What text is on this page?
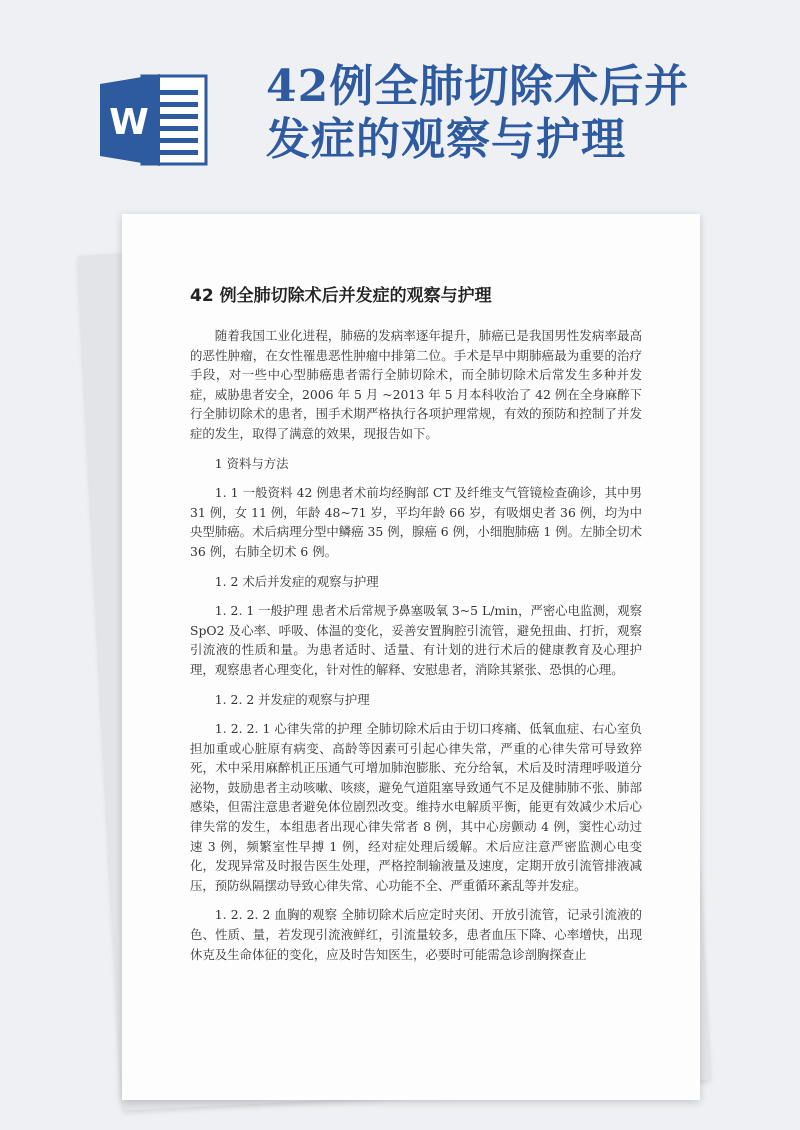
W
42例全肺切除术后并
发症的观察与护理
42 例全肺切除术后并发症的观察与护理

随着我国工业化进程，肺癌的发病率逐年提升，肺癌已是我国男性发病率最高的恶性肿瘤，在女性罹患恶性肿瘤中排第二位。手术是早中期肺癌最为重要的治疗手段，对一些中心型肺癌患者需行全肺切除术，而全肺切除术后常发生多种并发症，威胁患者安全，2006 年 5 月 ~2013 年 5 月本科收治了 42 例在全身麻醉下行全肺切除术的患者，围手术期严格执行各项护理常规，有效的预防和控制了并发症的发生，取得了满意的效果，现报告如下。

1 资料与方法

1. 1 一般资料 42 例患者术前均经胸部 CT 及纤维支气管镜检查确诊，其中男 31 例，女 11 例，年龄 48~71 岁，平均年龄 66 岁，有吸烟史者 36 例，均为中央型肺癌。术后病理分型中鳞癌 35 例，腺癌 6 例，小细胞肺癌 1 例。左肺全切术 36 例，右肺全切术 6 例。

1. 2 术后并发症的观察与护理

1. 2. 1 一般护理 患者术后常规予鼻塞吸氧 3~5 L/min，严密心电监测，观察 SpO2 及心率、呼吸、体温的变化，妥善安置胸腔引流管，避免扭曲、打折，观察引流液的性质和量。为患者适时、适量、有计划的进行术后的健康教育及心理护理，观察患者心理变化，针对性的解释、安慰患者，消除其紧张、恐惧的心理。

1. 2. 2 并发症的观察与护理

1. 2. 2. 1 心律失常的护理 全肺切除术后由于切口疼痛、低氧血症、右心室负担加重或心脏原有病变、高龄等因素可引起心律失常，严重的心律失常可导致猝死，术中采用麻醉机正压通气可增加肺泡膨胀、充分给氧，术后及时清理呼吸道分泌物，鼓励患者主动咳嗽、咳痰，避免气道阻塞导致通气不足及健肺肺不张、肺部感染，但需注意患者避免体位剧烈改变。维持水电解质平衡，能更有效减少术后心律失常的发生，本组患者出现心律失常者 8 例，其中心房颤动 4 例，窦性心动过速 3 例，频繁室性早搏 1 例，经对症处理后缓解。术后应注意严密监测心电变化，发现异常及时报告医生处理，严格控制输液量及速度，定期开放引流管排液减压，预防纵隔摆动导致心律失常、心功能不全、严重循环紊乱等并发症。

1. 2. 2. 2 血胸的观察 全肺切除术后应定时夹闭、开放引流管，记录引流液的色、性质、量，若发现引流液鲜红，引流量较多，患者血压下降、心率增快，出现休克及生命体征的变化，应及时告知医生，必要时可能需急诊剖胸探查止
